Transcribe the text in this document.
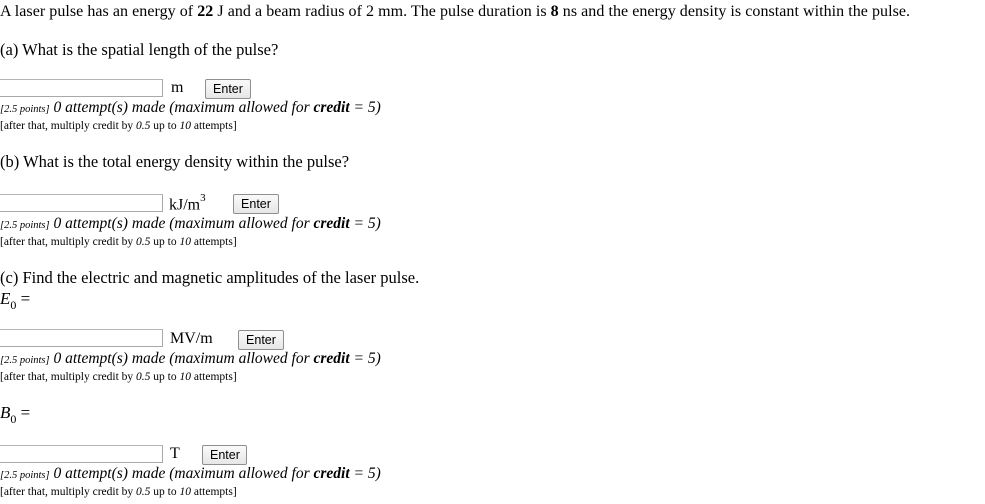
A laser pulse has an energy of 22 J and a beam radius of 2 mm. The pulse duration is 8 ns and the energy density is constant within the pulse.
(a) What is the spatial length of the pulse?
m	Enter
[2.5 points] 0 attempt(s) made (maximum allowed for credit = 5)
[after that, multiply credit by 0.5 up to 10 attempts]
(b) What is the total energy density within the pulse?
$kJ/m^3$	Enter
[2.5 points] 0 attempt(s) made (maximum allowed for credit = 5)
[after that, multiply credit by 0.5 up to 10 attempts]
(c) Find the electric and magnetic amplitudes of the laser pulse.
$E_0$ =
MV/m	Enter
[2.5 points] 0 attempt(s) made (maximum allowed for credit = 5)
[after that, multiply credit by 0.5 up to 10 attempts]
$B_0$ =
T	Enter
[2.5 points] 0 attempt(s) made (maximum allowed for credit = 5)
[after that, multiply credit by 0.5 up to 10 attempts]
